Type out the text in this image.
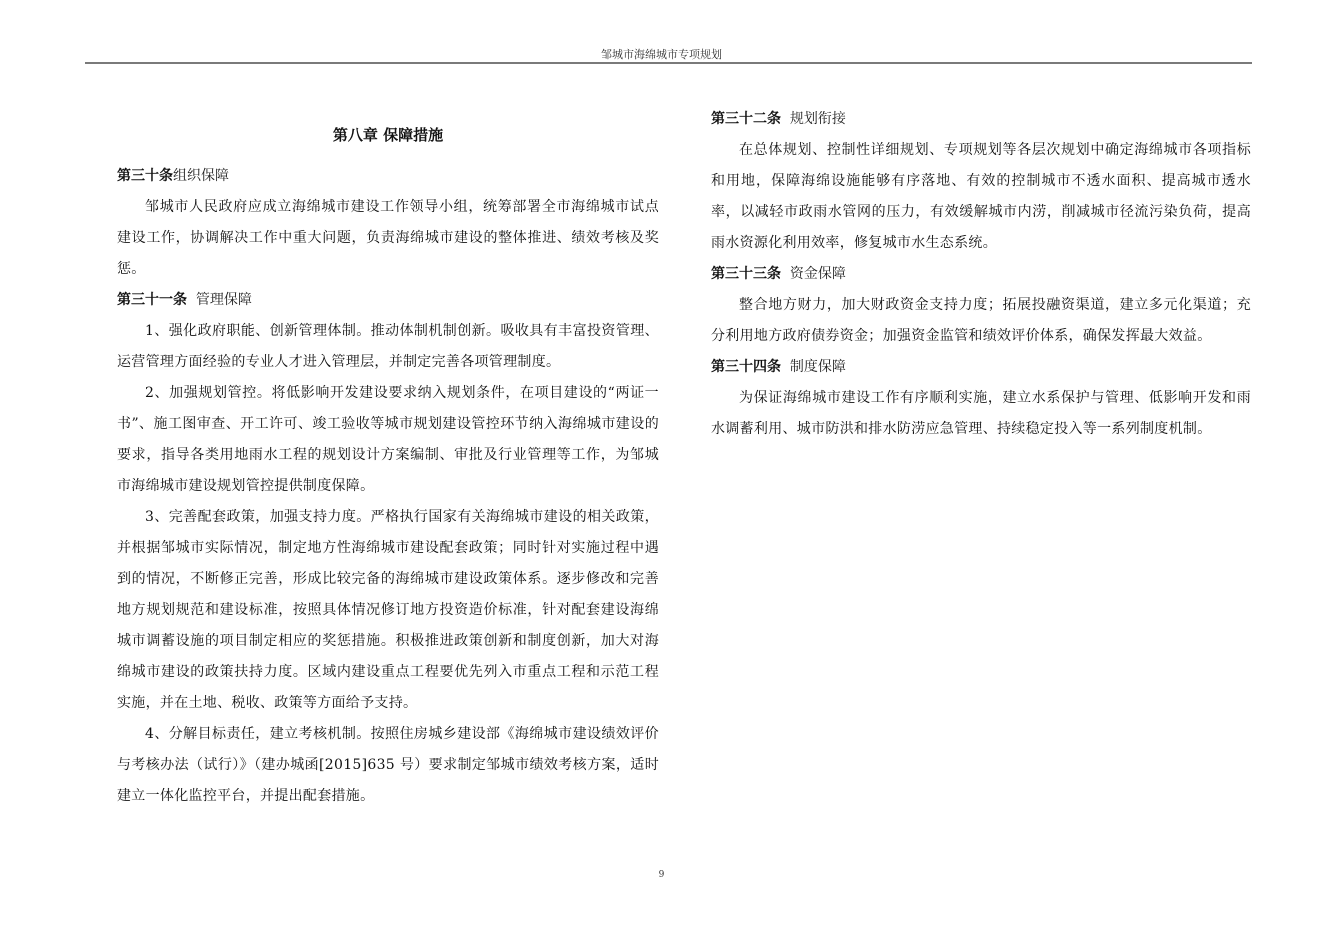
邹城市海绵城市专项规划
第八章 保障措施
第三十条组织保障

邹城市人民政府应成立海绵城市建设工作领导小组，统筹部署全市海绵城市试点建设工作，协调解决工作中重大问题，负责海绵城市建设的整体推进、绩效考核及奖惩。

第三十一条 管理保障

1、强化政府职能、创新管理体制。推动体制机制创新。吸收具有丰富投资管理、运营管理方面经验的专业人才进入管理层，并制定完善各项管理制度。

2、加强规划管控。将低影响开发建设要求纳入规划条件，在项目建设的“两证一书”、施工图审查、开工许可、竣工验收等城市规划建设管控环节纳入海绵城市建设的要求，指导各类用地雨水工程的规划设计方案编制、审批及行业管理等工作，为邹城市海绵城市建设规划管控提供制度保障。

3、完善配套政策，加强支持力度。严格执行国家有关海绵城市建设的相关政策，并根据邹城市实际情况，制定地方性海绵城市建设配套政策；同时针对实施过程中遇到的情况，不断修正完善，形成比较完备的海绵城市建设政策体系。逐步修改和完善地方规划规范和建设标准，按照具体情况修订地方投资造价标准，针对配套建设海绵城市调蓄设施的项目制定相应的奖惩措施。积极推进政策创新和制度创新，加大对海绵城市建设的政策扶持力度。区域内建设重点工程要优先列入市重点工程和示范工程实施，并在土地、税收、政策等方面给予支持。

4、分解目标责任，建立考核机制。按照住房城乡建设部《海绵城市建设绩效评价与考核办法（试行）》（建办城函[2015]635 号）要求制定邹城市绩效考核方案，适时建立一体化监控平台，并提出配套措施。

第三十二条 规划衔接

在总体规划、控制性详细规划、专项规划等各层次规划中确定海绵城市各项指标和用地，保障海绵设施能够有序落地、有效的控制城市不透水面积、提高城市透水率，以减轻市政雨水管网的压力，有效缓解城市内涝，削减城市径流污染负荷，提高雨水资源化利用效率，修复城市水生态系统。

第三十三条 资金保障

整合地方财力，加大财政资金支持力度；拓展投融资渠道，建立多元化渠道；充分利用地方政府债券资金；加强资金监管和绩效评价体系，确保发挥最大效益。

第三十四条 制度保障

为保证海绵城市建设工作有序顺利实施，建立水系保护与管理、低影响开发和雨水调蓄利用、城市防洪和排水防涝应急管理、持续稳定投入等一系列制度机制。

9
